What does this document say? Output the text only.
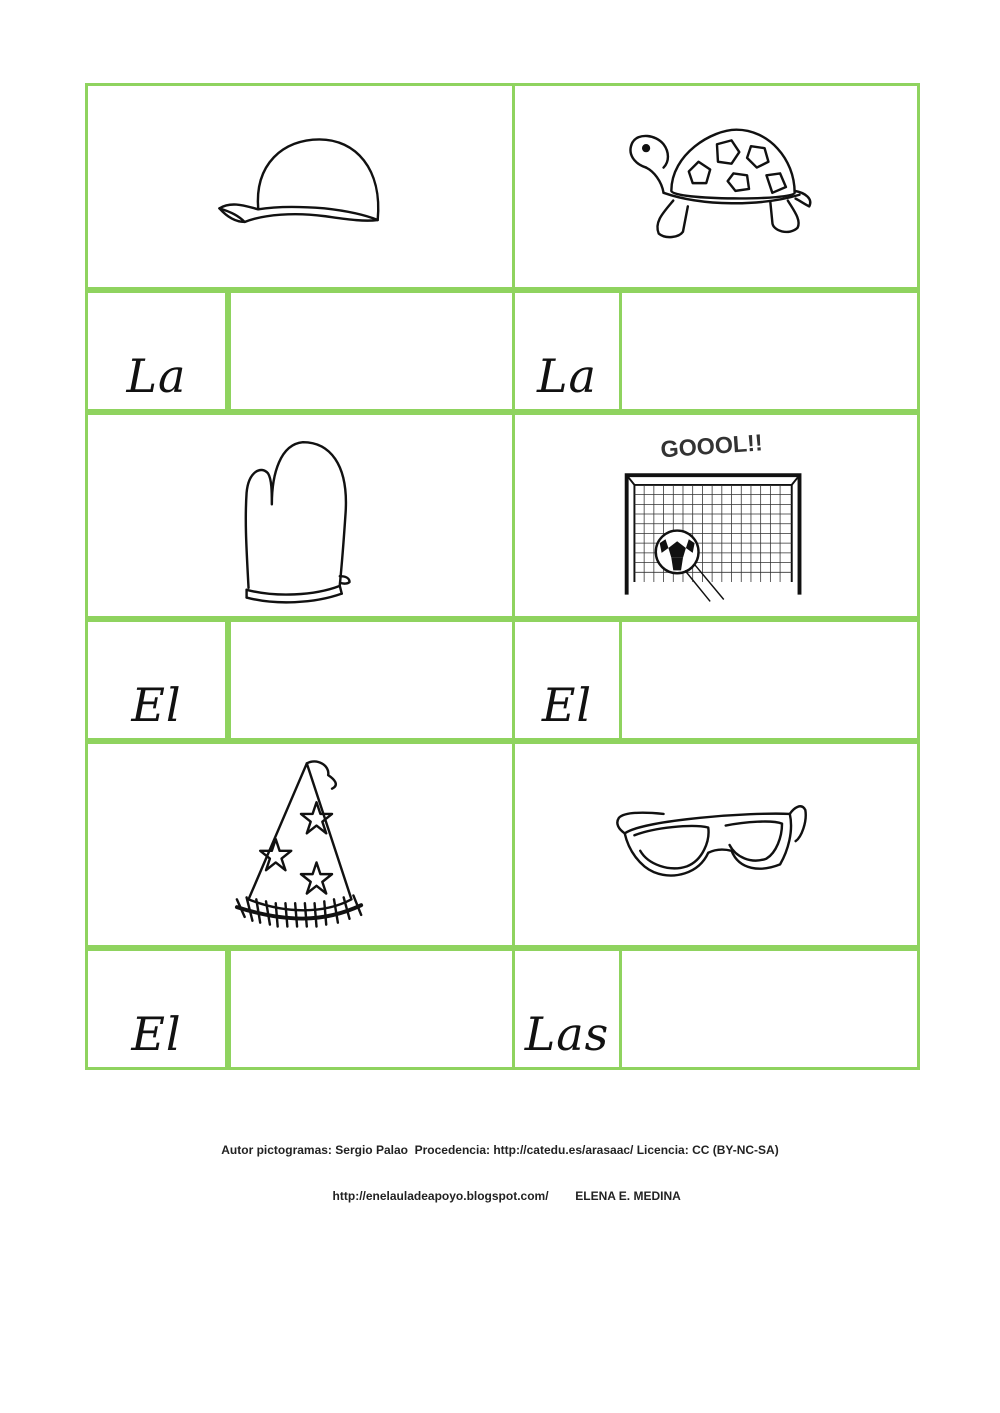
La	La
GOOOL!!
El	El
El	Las
Autor pictogramas: Sergio Palao  Procedencia: http://catedu.es/arasaac/ Licencia: CC (BY-NC-SA)

http://enelauladeapoyo.blogspot.com/ ELENA E. MEDINA
